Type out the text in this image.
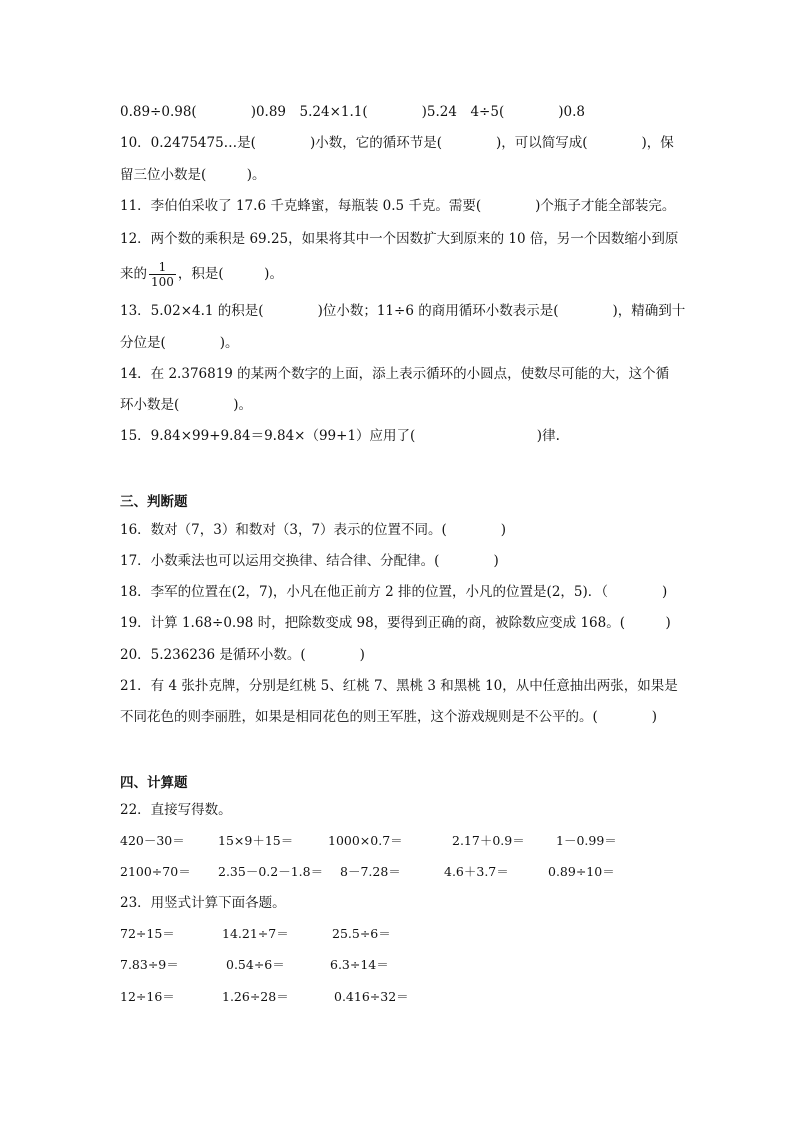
0.89÷0.98(　　　　)0.89　5.24×1.1(　　　　)5.24　4÷5(　　　　)0.8
10．0.2475475…是(　　　　)小数，它的循环节是(　　　　)，可以简写成(　　　　)，保
留三位小数是(　　　)。
11．李伯伯采收了 17.6 千克蜂蜜，每瓶装 0.5 千克。需要(　　　　)个瓶子才能全部装完。
12．两个数的乘积是 69.25，如果将其中一个因数扩大到原来的 10 倍，另一个因数缩小到原
来的 $\frac{1}{100}$ ，积是(　　　)。
13．5.02×4.1 的积是(　　　　)位小数；11÷6 的商用循环小数表示是(　　　　)，精确到十
分位是(　　　　)。
14．在 2.376819 的某两个数字的上面，添上表示循环的小圆点，使数尽可能的大，这个循
环小数是(　　　　)。
15．9.84×99+9.84＝9.84×（99+1）应用了(　　　　　　　　　)律.
三、判断题
16．数对（7，3）和数对（3，7）表示的位置不同。(　　　　)
17．小数乘法也可以运用交换律、结合律、分配律。(　　　　)
18．李军的位置在(2，7)，小凡在他正前方 2 排的位置，小凡的位置是(2，5)．（　　　　)
19．计算 1.68÷0.98 时，把除数变成 98，要得到正确的商，被除数应变成 168。(　　　)
20．5.236236 是循环小数。(　　　　)
21．有 4 张扑克牌，分别是红桃 5、红桃 7、黑桃 3 和黑桃 10，从中任意抽出两张，如果是
不同花色的则李丽胜，如果是相同花色的则王军胜，这个游戏规则是不公平的。(　　　　)
四、计算题
22．直接写得数。
420－30＝	15×9＋15＝	1000×0.7＝	2.17＋0.9＝	1－0.99＝
2100÷70＝ 2.35－0.2－1.8＝ 8－7.28＝	4.6＋3.7＝	0.89÷10＝
23．用竖式计算下面各题。
72÷15＝	14.21÷7＝	25.5÷6＝
7.83÷9＝	0.54÷6＝	6.3÷14＝
12÷16＝	1.26÷28＝	0.416÷32＝
